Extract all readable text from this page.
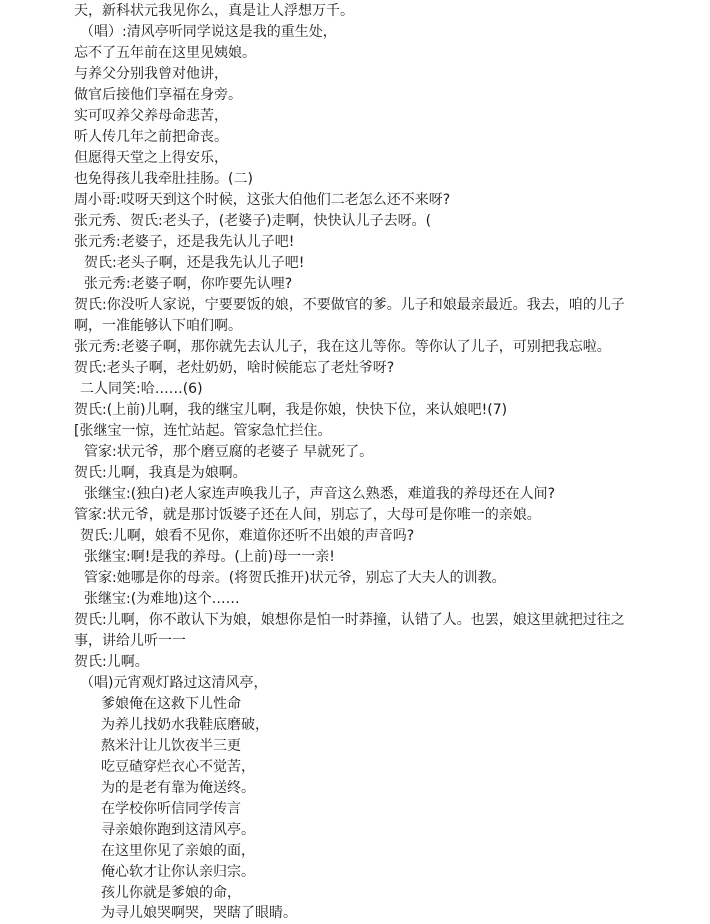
天，新科状元我见你么，真是让人浮想万千。
（唱）:清风亭听同学说这是我的重生处，
忘不了五年前在这里见姨娘。
与养父分别我曾对他讲，
做官后接他们享福在身旁。
实可叹养父养母命悲苦，
听人传几年之前把命丧。
但愿得天堂之上得安乐，
也免得孩儿我牵肚挂肠。(二)
周小哥:哎呀天到这个时候，这张大伯他们二老怎么还不来呀?
张元秀、贺氏:老头子，(老婆子)走啊，快快认儿子去呀。(
张元秀:老婆子，还是我先认儿子吧!
贺氏:老头子啊，还是我先认儿子吧!
张元秀:老婆子啊，你咋要先认哩?
贺氏:你没听人家说，宁要要饭的娘，不要做官的爹。儿子和娘最亲最近。我去，咱的儿子
啊，一准能够认下咱们啊。
张元秀:老婆子啊，那你就先去认儿子，我在这儿等你。等你认了儿子，可别把我忘啦。
贺氏:老头子啊，老灶奶奶，啥时候能忘了老灶爷呀?
二人同笑:哈……(6)
贺氏:(上前)儿啊，我的继宝儿啊，我是你娘，快快下位，来认娘吧!(7)
[张继宝一惊，连忙站起。管家急忙拦住。
管家:状元爷，那个磨豆腐的老婆子 早就死了。
贺氏:儿啊，我真是为娘啊。
张继宝:(独白)老人家连声唤我儿子，声音这么熟悉，难道我的养母还在人间?
管家:状元爷，就是那讨饭婆子还在人间，别忘了，大母可是你唯一的亲娘。
贺氏:儿啊，娘看不见你，难道你还听不出娘的声音吗?
张继宝:啊!是我的养母。(上前)母一一亲!
管家:她哪是你的母亲。(将贺氏推开)状元爷，别忘了大夫人的训教。
张继宝:(为难地)这个……
贺氏:儿啊，你不敢认下为娘，娘想你是怕一时莽撞，认错了人。也罢，娘这里就把过往之
事，讲给儿听一一
贺氏:儿啊。
（唱)元宵观灯路过这清风亭，
爹娘俺在这救下儿性命
为养儿找奶水我鞋底磨破，
熬米汁让儿饮夜半三更
吃豆碴穿烂衣心不觉苦，
为的是老有靠为俺送终。
在学校你听信同学传言
寻亲娘你跑到这清风亭。
在这里你见了亲娘的面，
俺心软才让你认亲归宗。
孩儿你就是爹娘的命，
为寻儿娘哭啊哭，哭瞎了眼睛。
